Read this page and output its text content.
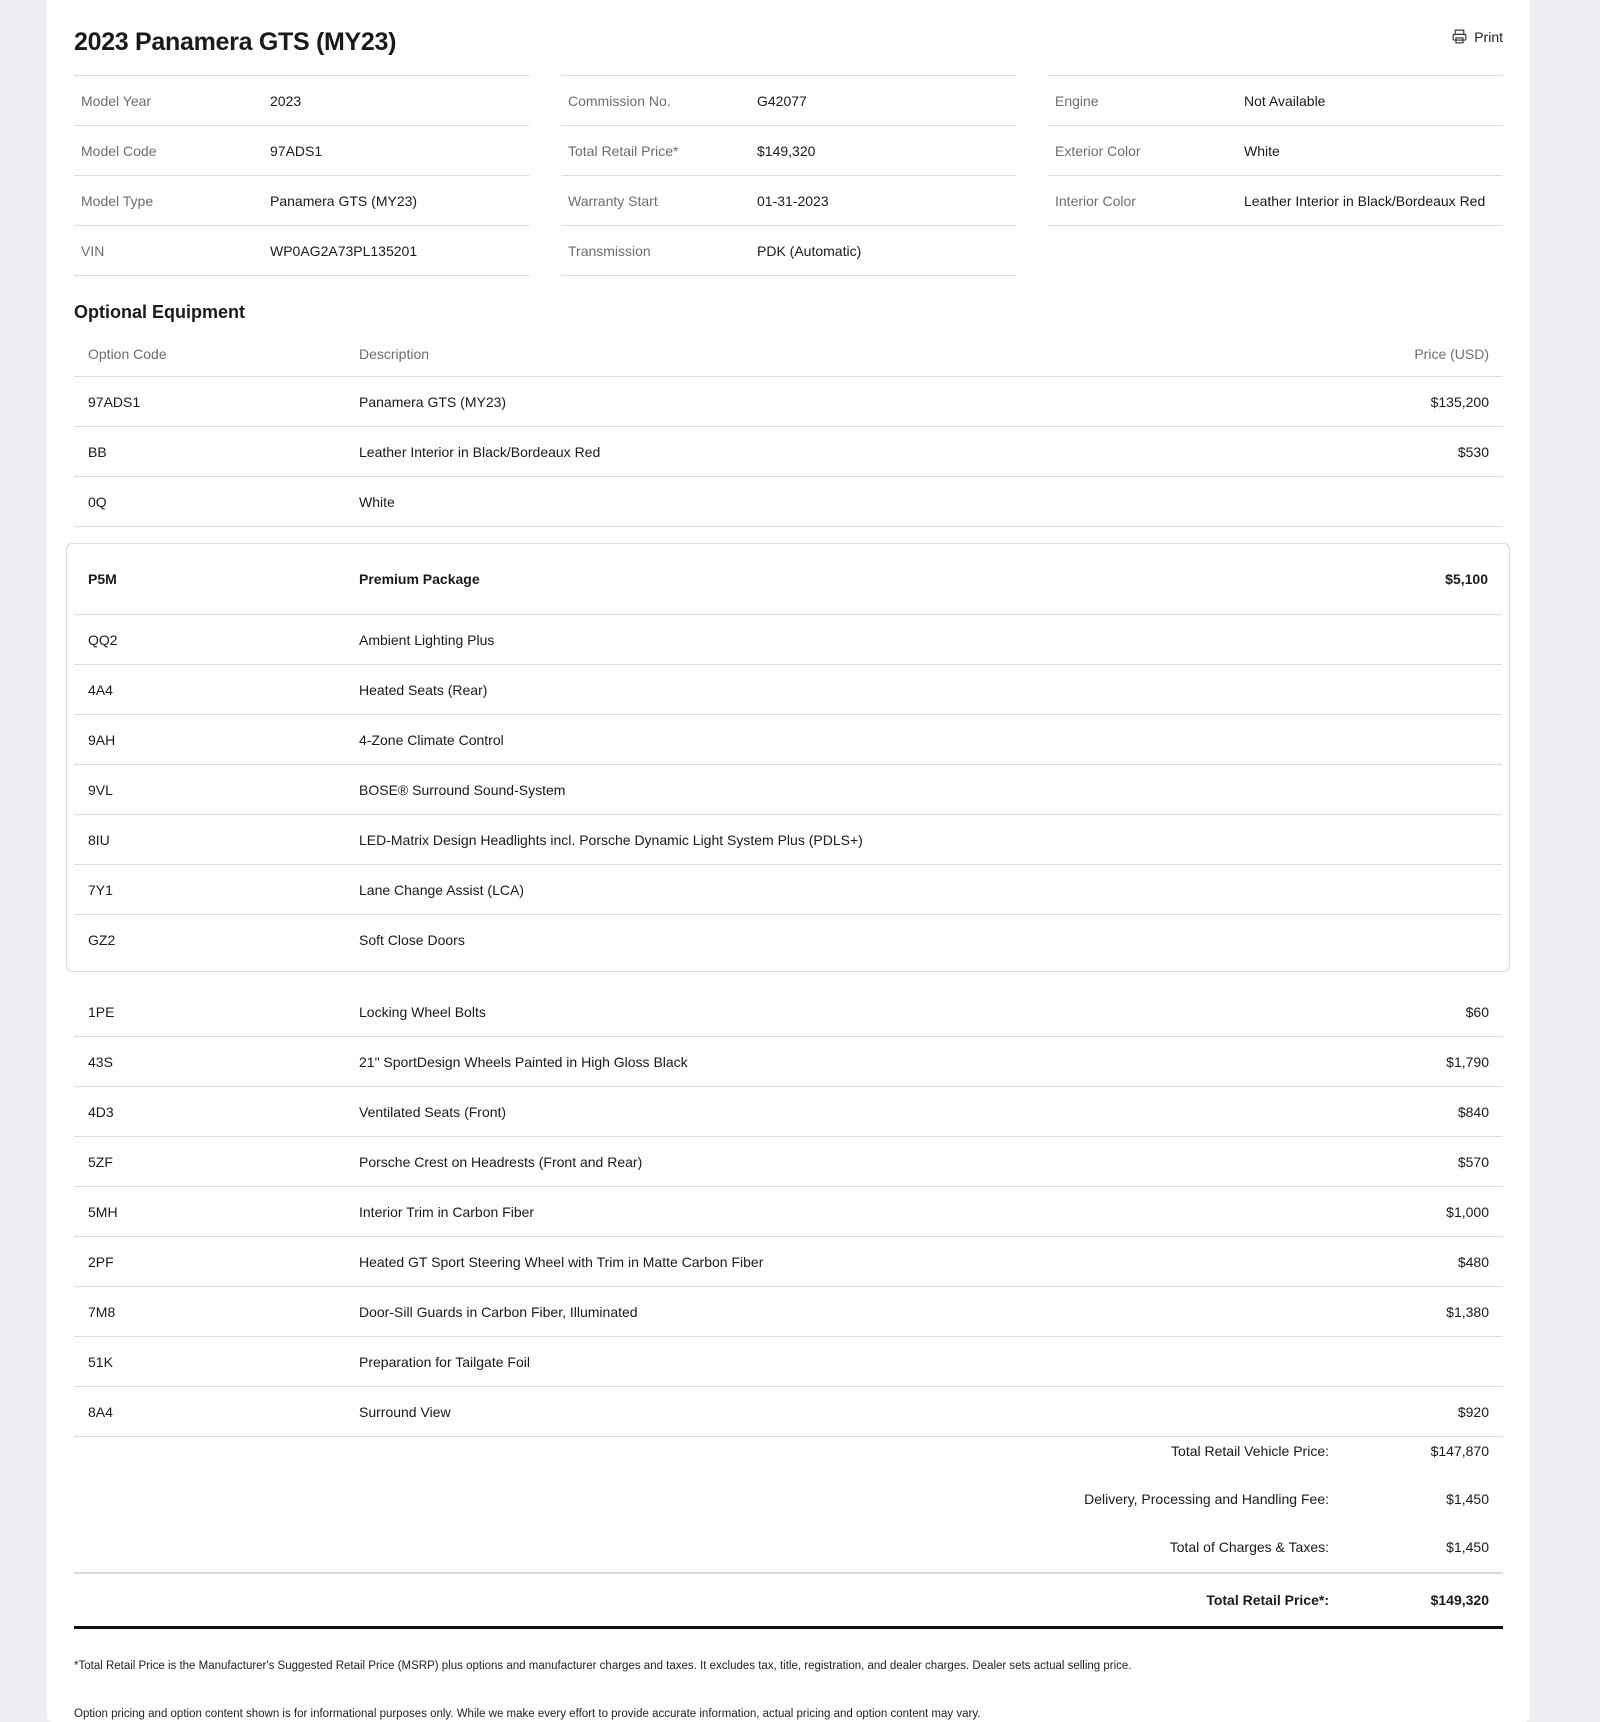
2023 Panamera GTS (MY23)	Print
Model Year	2023
Model Code	97ADS1
Model Type	Panamera GTS (MY23)
VIN	WP0AG2A73PL135201
Commission No.	G42077
Total Retail Price*	$149,320
Warranty Start	01-31-2023
Transmission	PDK (Automatic)
Engine	Not Available
Exterior Color	White
Interior Color	Leather Interior in Black/Bordeaux Red
Optional Equipment
Option Code	Description	Price (USD)
97ADS1	Panamera GTS (MY23)	$135,200
BB	Leather Interior in Black/Bordeaux Red	$530
0Q	White
P5M	Premium Package	$5,100
QQ2	Ambient Lighting Plus
4A4	Heated Seats (Rear)
9AH	4-Zone Climate Control
9VL	BOSE® Surround Sound-System
8IU	LED-Matrix Design Headlights incl. Porsche Dynamic Light System Plus (PDLS+)
7Y1	Lane Change Assist (LCA)
GZ2	Soft Close Doors
1PE	Locking Wheel Bolts	$60
43S	21" SportDesign Wheels Painted in High Gloss Black	$1,790
4D3	Ventilated Seats (Front)	$840
5ZF	Porsche Crest on Headrests (Front and Rear)	$570
5MH	Interior Trim in Carbon Fiber	$1,000
2PF	Heated GT Sport Steering Wheel with Trim in Matte Carbon Fiber	$480
7M8	Door-Sill Guards in Carbon Fiber, Illuminated	$1,380
51K	Preparation for Tailgate Foil
8A4	Surround View	$920
Total Retail Vehicle Price:	$147,870
Delivery, Processing and Handling Fee:	$1,450
Total of Charges & Taxes:	$1,450
Total Retail Price*:	$149,320
*Total Retail Price is the Manufacturer's Suggested Retail Price (MSRP) plus options and manufacturer charges and taxes. It excludes tax, title, registration, and dealer charges. Dealer sets actual selling price.
Option pricing and option content shown is for informational purposes only. While we make every effort to provide accurate information, actual pricing and option content may vary.
